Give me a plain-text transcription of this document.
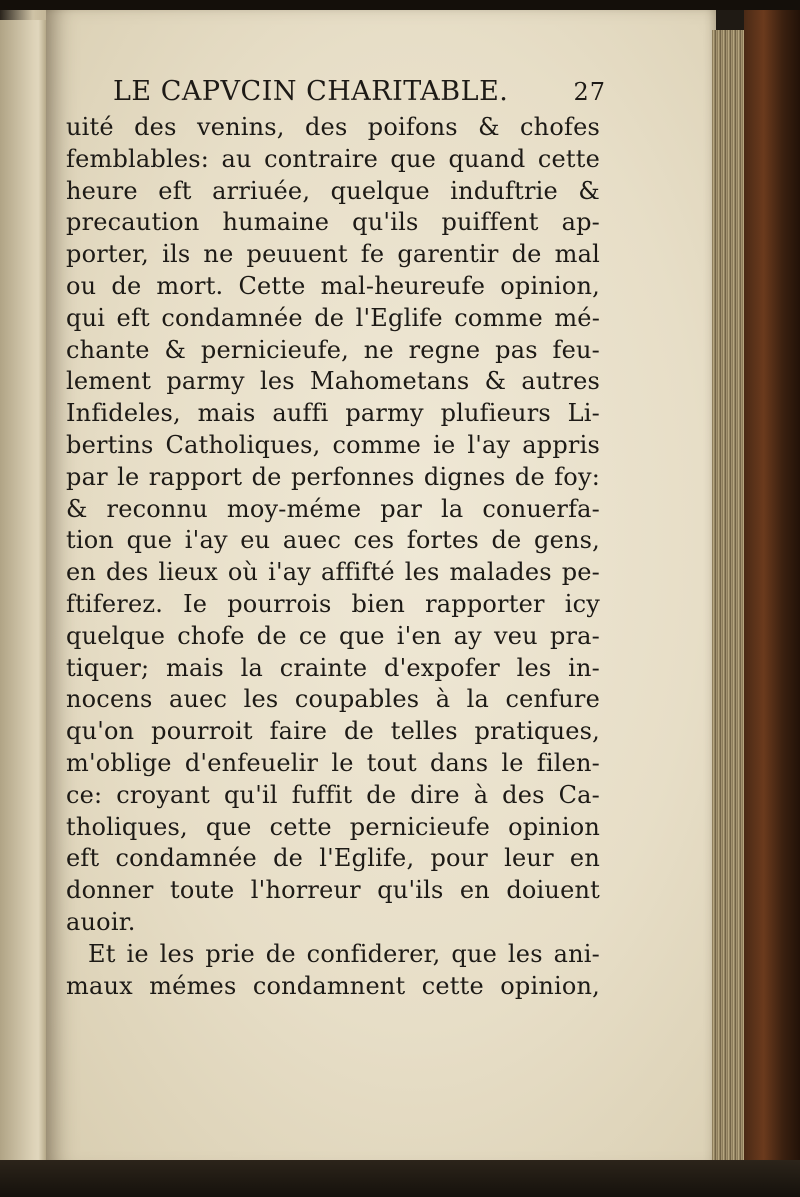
LE CAPVCIN CHARITABLE.	27
uité des venins, des poifons & chofes
femblables: au contraire que quand cette
heure eft arriuée, quelque induftrie &
precaution humaine qu'ils puiffent ap-
porter, ils ne peuuent fe garentir de mal
ou de mort. Cette mal-heureufe opinion,
qui eft condamnée de l'Eglife comme mé-
chante & pernicieufe, ne regne pas feu-
lement parmy les Mahometans & autres
Infideles, mais auffi parmy plufieurs Li-
bertins Catholiques, comme ie l'ay appris
par le rapport de perfonnes dignes de foy:
& reconnu moy-méme par la conuerfa-
tion que i'ay eu auec ces fortes de gens,
en des lieux où i'ay affifté les malades pe-
ftiferez. Ie pourrois bien rapporter icy
quelque chofe de ce que i'en ay veu pra-
tiquer; mais la crainte d'expofer les in-
nocens auec les coupables à la cenfure
qu'on pourroit faire de telles pratiques,
m'oblige d'enfeuelir le tout dans le filen-
ce: croyant qu'il fuffit de dire à des Ca-
tholiques, que cette pernicieufe opinion
eft condamnée de l'Eglife, pour leur en
donner toute l'horreur qu'ils en doiuent
auoir.
Et ie les prie de confiderer, que les ani-
maux mémes condamnent cette opinion,
